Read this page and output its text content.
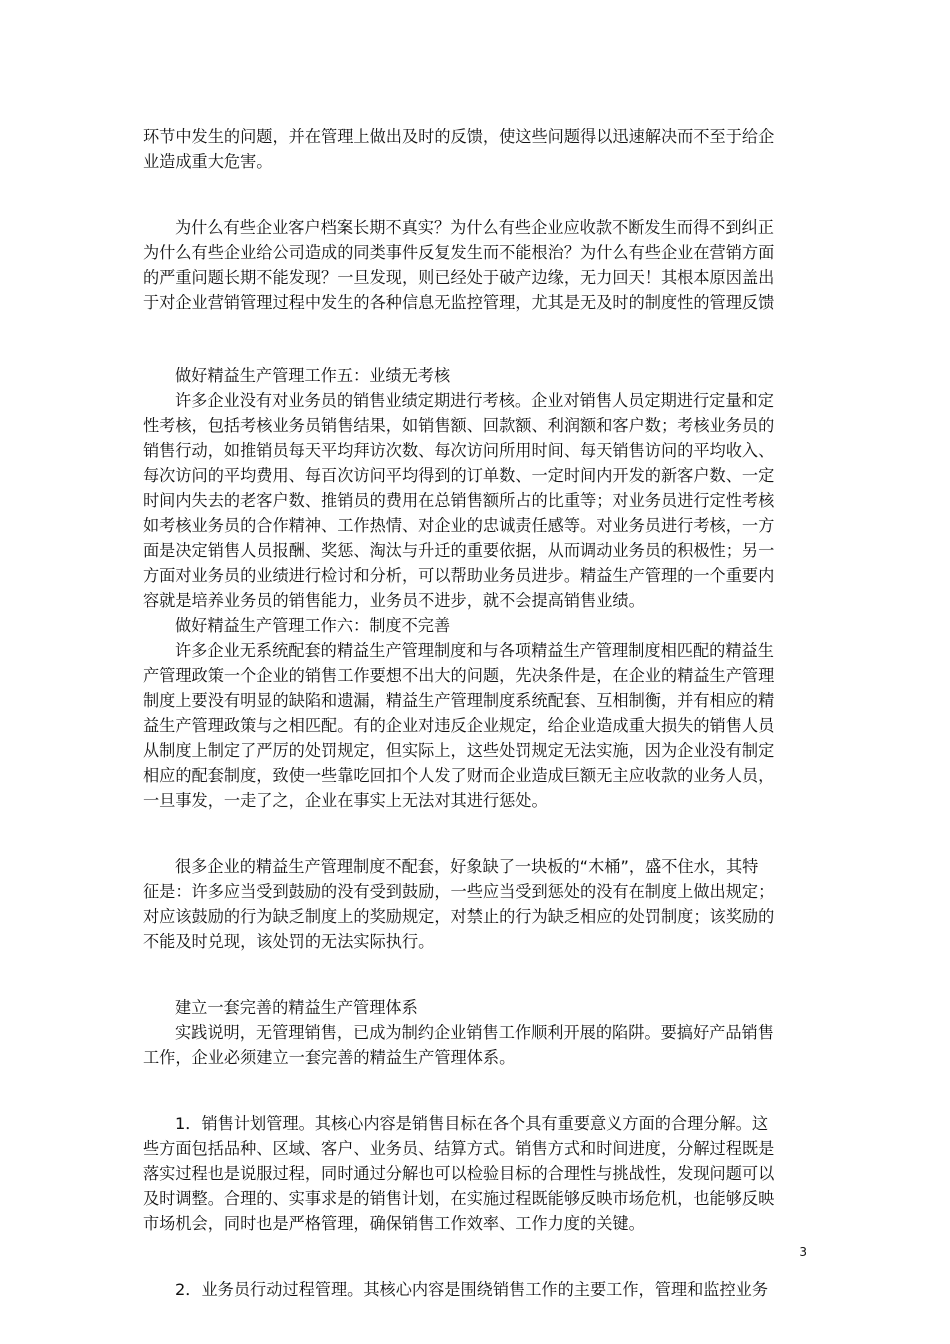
环节中发生的问题，并在管理上做出及时的反馈，使这些问题得以迅速解决而不至于给企
业造成重大危害。
为什么有些企业客户档案长期不真实？为什么有些企业应收款不断发生而得不到纠正
为什么有些企业给公司造成的同类事件反复发生而不能根治？为什么有些企业在营销方面
的严重问题长期不能发现？一旦发现，则已经处于破产边缘，无力回天！其根本原因盖出
于对企业营销管理过程中发生的各种信息无监控管理，尤其是无及时的制度性的管理反馈
做好精益生产管理工作五：业绩无考核
许多企业没有对业务员的销售业绩定期进行考核。企业对销售人员定期进行定量和定
性考核，包括考核业务员销售结果，如销售额、回款额、利润额和客户数；考核业务员的
销售行动，如推销员每天平均拜访次数、每次访问所用时间、每天销售访问的平均收入、
每次访问的平均费用、每百次访问平均得到的订单数、一定时间内开发的新客户数、一定
时间内失去的老客户数、推销员的费用在总销售额所占的比重等；对业务员进行定性考核
如考核业务员的合作精神、工作热情、对企业的忠诚责任感等。对业务员进行考核，一方
面是决定销售人员报酬、奖惩、淘汰与升迁的重要依据，从而调动业务员的积极性；另一
方面对业务员的业绩进行检讨和分析，可以帮助业务员进步。精益生产管理的一个重要内
容就是培养业务员的销售能力，业务员不进步，就不会提高销售业绩。
做好精益生产管理工作六：制度不完善
许多企业无系统配套的精益生产管理制度和与各项精益生产管理制度相匹配的精益生
产管理政策一个企业的销售工作要想不出大的问题，先决条件是，在企业的精益生产管理
制度上要没有明显的缺陷和遗漏，精益生产管理制度系统配套、互相制衡，并有相应的精
益生产管理政策与之相匹配。有的企业对违反企业规定，给企业造成重大损失的销售人员
从制度上制定了严厉的处罚规定，但实际上，这些处罚规定无法实施，因为企业没有制定
相应的配套制度，致使一些靠吃回扣个人发了财而企业造成巨额无主应收款的业务人员，
一旦事发，一走了之，企业在事实上无法对其进行惩处。
很多企业的精益生产管理制度不配套，好象缺了一块板的“木桶”，盛不住水，其特
征是：许多应当受到鼓励的没有受到鼓励，一些应当受到惩处的没有在制度上做出规定；
对应该鼓励的行为缺乏制度上的奖励规定，对禁止的行为缺乏相应的处罚制度；该奖励的
不能及时兑现，该处罚的无法实际执行。
建立一套完善的精益生产管理体系
实践说明，无管理销售，已成为制约企业销售工作顺利开展的陷阱。要搞好产品销售
工作，企业必须建立一套完善的精益生产管理体系。
1．销售计划管理。其核心内容是销售目标在各个具有重要意义方面的合理分解。这
些方面包括品种、区域、客户、业务员、结算方式。销售方式和时间进度，分解过程既是
落实过程也是说服过程，同时通过分解也可以检验目标的合理性与挑战性，发现问题可以
及时调整。合理的、实事求是的销售计划，在实施过程既能够反映市场危机，也能够反映
市场机会，同时也是严格管理，确保销售工作效率、工作力度的关键。
2．业务员行动过程管理。其核心内容是围绕销售工作的主要工作，管理和监控业务
3
